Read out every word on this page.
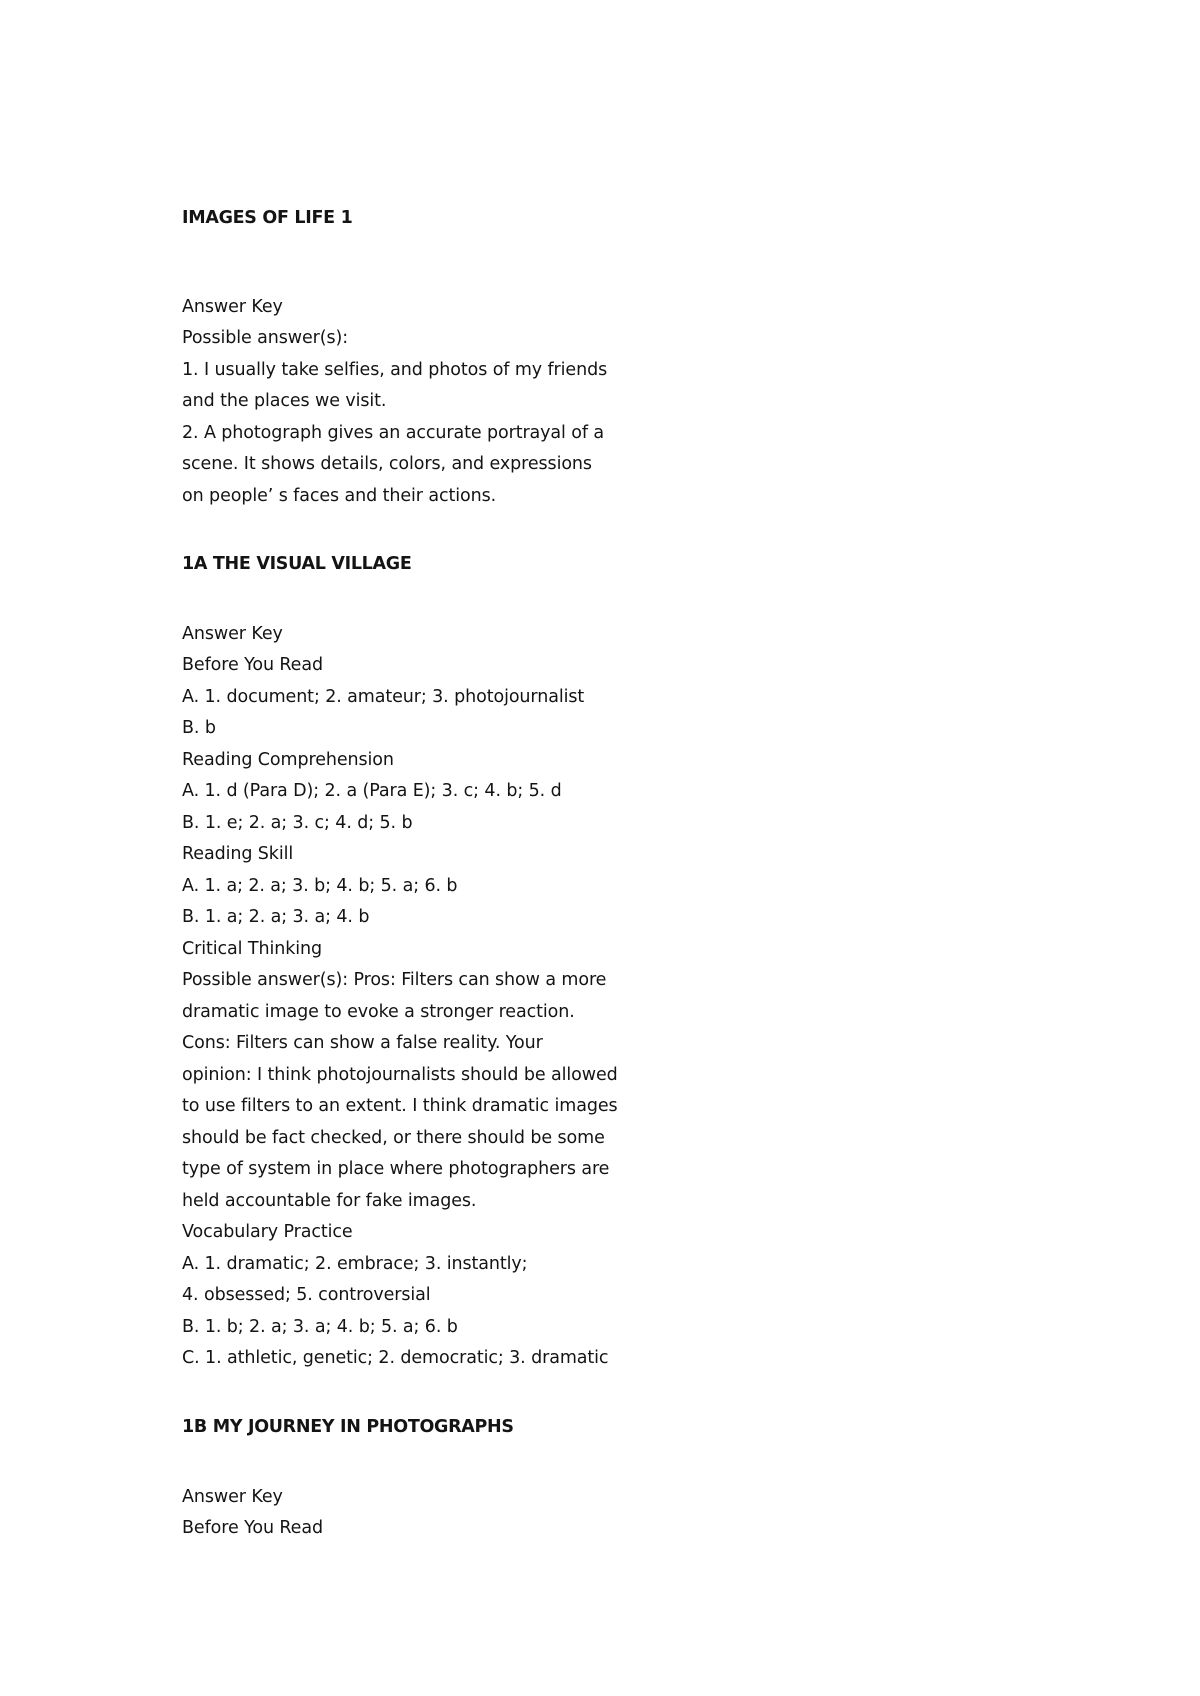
IMAGES OF LIFE 1
Answer Key
Possible answer(s):
1. I usually take selfies, and photos of my friends
and the places we visit.
2. A photograph gives an accurate portrayal of a
scene. It shows details, colors, and expressions
on people’ s faces and their actions.
1A THE VISUAL VILLAGE
Answer Key
Before You Read
A. 1. document; 2. amateur; 3. photojournalist
B. b
Reading Comprehension
A. 1. d (Para D); 2. a (Para E); 3. c; 4. b; 5. d
B. 1. e; 2. a; 3. c; 4. d; 5. b
Reading Skill
A. 1. a; 2. a; 3. b; 4. b; 5. a; 6. b
B. 1. a; 2. a; 3. a; 4. b
Critical Thinking
Possible answer(s): Pros: Filters can show a more
dramatic image to evoke a stronger reaction.
Cons: Filters can show a false reality. Your
opinion: I think photojournalists should be allowed
to use filters to an extent. I think dramatic images
should be fact checked, or there should be some
type of system in place where photographers are
held accountable for fake images.
Vocabulary Practice
A. 1. dramatic; 2. embrace; 3. instantly;
4. obsessed; 5. controversial
B. 1. b; 2. a; 3. a; 4. b; 5. a; 6. b
C. 1. athletic, genetic; 2. democratic; 3. dramatic
1B MY JOURNEY IN PHOTOGRAPHS
Answer Key
Before You Read
